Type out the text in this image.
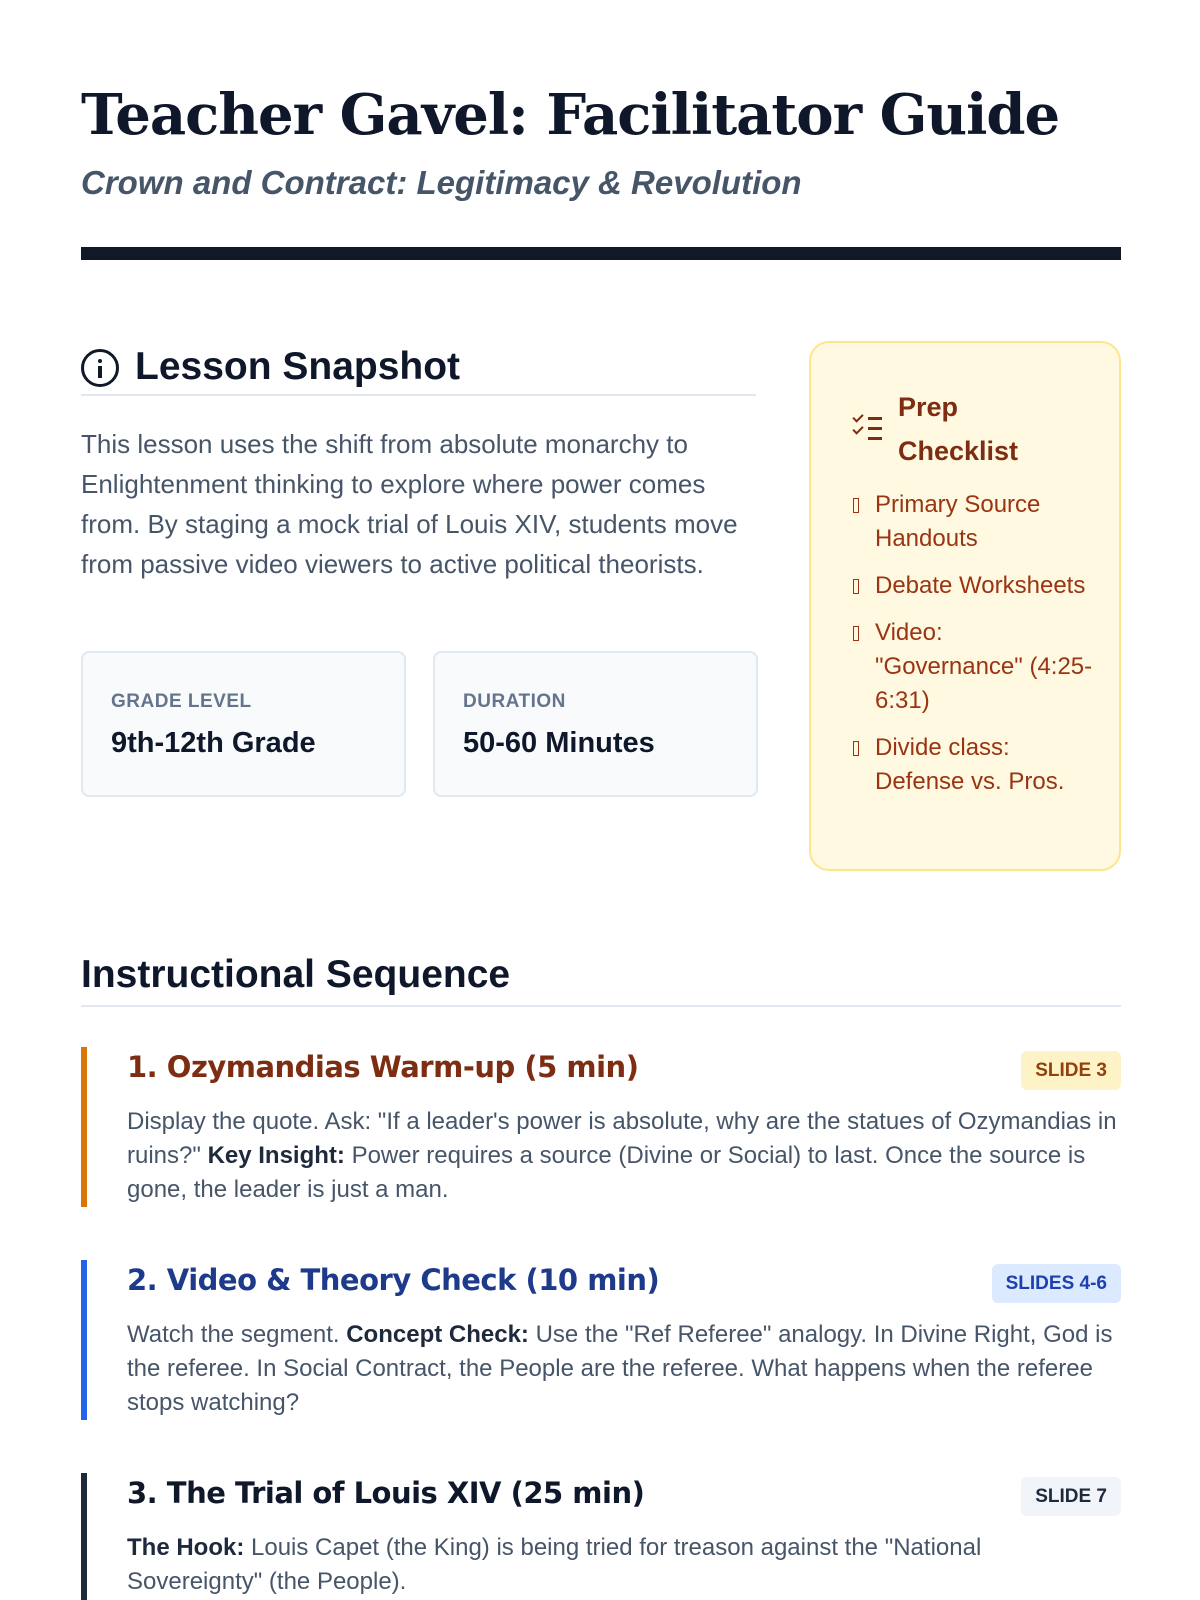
Teacher Gavel: Facilitator Guide
Crown and Contract: Legitimacy & Revolution
Lesson Snapshot

This lesson uses the shift from absolute monarchy to Enlightenment thinking to explore where power comes from. By staging a mock trial of Louis XIV, students move from passive video viewers to active political theorists.

GRADE LEVEL
9th-12th Grade
DURATION
50-60 Minutes
Prep Checklist
Primary Source Handouts
Debate Worksheets
Video: "Governance" (4:25-6:31)
Divide class: Defense vs. Pros.
Instructional Sequence
1. Ozymandias Warm-up (5 min)	SLIDE 3

Display the quote. Ask: "If a leader's power is absolute, why are the statues of Ozymandias in ruins?" Key Insight: Power requires a source (Divine or Social) to last. Once the source is gone, the leader is just a man.

2. Video & Theory Check (10 min)	SLIDES 4-6

Watch the segment. Concept Check: Use the "Ref Referee" analogy. In Divine Right, God is the referee. In Social Contract, the People are the referee. What happens when the referee stops watching?

3. The Trial of Louis XIV (25 min)	SLIDE 7

The Hook: Louis Capet (the King) is being tried for treason against the "National Sovereignty" (the People).
